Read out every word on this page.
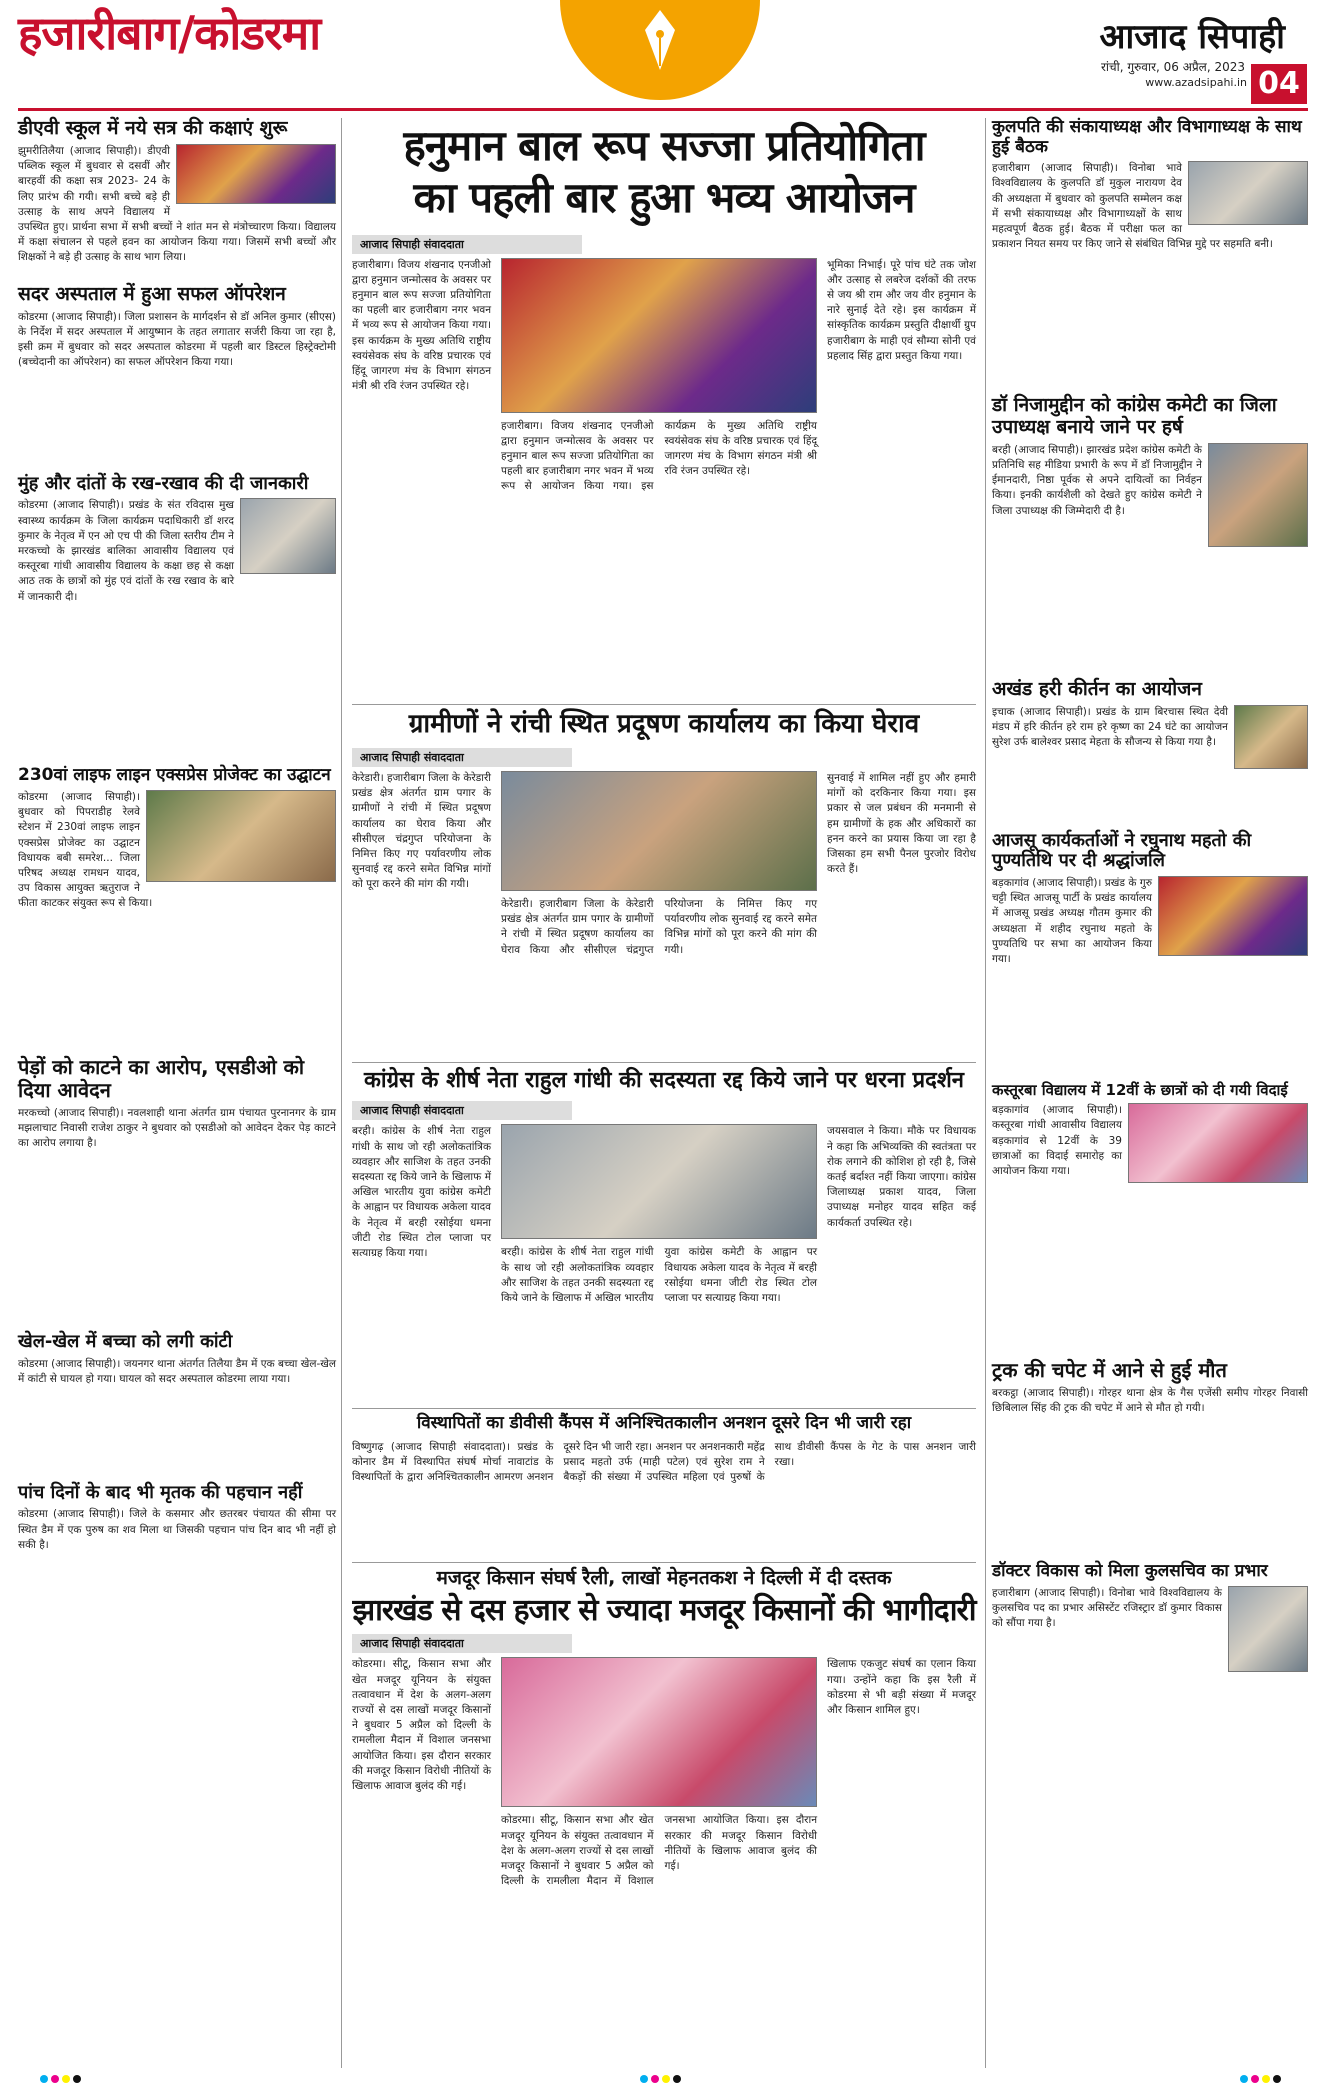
हजारीबाग/कोडरमा	आजाद सिपाही
रांची, गुरुवार, 06 अप्रैल, 2023
www.azadsipahi.in 04
डीएवी स्कूल में नये सत्र की कक्षाएं शुरू
झुमरीतिलैया (आजाद सिपाही)। डीएवी पब्लिक स्कूल में बुधवार से दसवीं और बारहवीं की कक्षा सत्र 2023- 24 के लिए प्रारंभ की गयी। सभी बच्चे बड़े ही उत्साह के साथ अपने विद्यालय में उपस्थित हुए। प्रार्थना सभा में सभी बच्चों ने शांत मन से मंत्रोच्चारण किया। विद्यालय में कक्षा संचालन से पहले हवन का आयोजन किया गया। जिसमें सभी बच्चों और शिक्षकों ने बड़े ही उत्साह के साथ भाग लिया।
सदर अस्पताल में हुआ सफल ऑपरेशन
कोडरमा (आजाद सिपाही)। जिला प्रशासन के मार्गदर्शन से डॉ अनिल कुमार (सीएस) के निर्देश में सदर अस्पताल में आयुष्मान के तहत लगातार सर्जरी किया जा रहा है, इसी क्रम में बुधवार को सदर अस्पताल कोडरमा में पहली बार डिस्टल हिस्ट्रेक्टोमी (बच्चेदानी का ऑपरेशन) का सफल ऑपरेशन किया गया।
मुंह और दांतों के रख-रखाव की दी जानकारी
कोडरमा (आजाद सिपाही)। प्रखंड के संत रविदास मुख स्वास्थ्य कार्यक्रम के जिला कार्यक्रम पदाधिकारी डॉ शरद कुमार के नेतृत्व में एन ओ एच पी की जिला स्तरीय टीम ने मरकच्चो के झारखंड बालिका आवासीय विद्यालय एवं कस्तूरबा गांधी आवासीय विद्यालय के कक्षा छह से कक्षा आठ तक के छात्रों को मुंह एवं दांतों के रख रखाव के बारे में जानकारी दी।
230वां लाइफ लाइन एक्सप्रेस प्रोजेक्ट का उद्घाटन
कोडरमा (आजाद सिपाही)। बुधवार को पिपराडीह रेलवे स्टेशन में 230वां लाइफ लाइन एक्सप्रेस प्रोजेक्ट का उद्घाटन विधायक बबी समरेश... जिला परिषद अध्यक्ष रामधन यादव, उप विकास आयुक्त ऋतुराज ने फीता काटकर संयुक्त रूप से किया।
पेड़ों को काटने का आरोप, एसडीओ को दिया आवेदन
मरकच्चो (आजाद सिपाही)। नवलशाही थाना अंतर्गत ग्राम पंचायत पुरनानगर के ग्राम मझलाचाट निवासी राजेश ठाकुर ने बुधवार को एसडीओ को आवेदन देकर पेड़ काटने का आरोप लगाया है।
खेल-खेल में बच्चा को लगी कांटी
कोडरमा (आजाद सिपाही)। जयनगर थाना अंतर्गत तिलैया डैम में एक बच्चा खेल-खेल में कांटी से घायल हो गया। घायल को सदर अस्पताल कोडरमा लाया गया।
पांच दिनों के बाद भी मृतक की पहचान नहीं
कोडरमा (आजाद सिपाही)। जिले के कसमार और छतरबर पंचायत की सीमा पर स्थित डैम में एक पुरुष का शव मिला था जिसकी पहचान पांच दिन बाद भी नहीं हो सकी है।
हनुमान बाल रूप सज्जा प्रतियोगिता
का पहली बार हुआ भव्य आयोजन
आजाद सिपाही संवाददाता
हजारीबाग। विजय शंखनाद एनजीओ द्वारा हनुमान जन्मोत्सव के अवसर पर हनुमान बाल रूप सज्जा प्रतियोगिता का पहली बार हजारीबाग नगर भवन में भव्य रूप से आयोजन किया गया। इस कार्यक्रम के मुख्य अतिथि राष्ट्रीय स्वयंसेवक संघ के वरिष्ठ प्रचारक एवं हिंदू जागरण मंच के विभाग संगठन मंत्री श्री रवि रंजन उपस्थित रहे।
हजारीबाग। विजय शंखनाद एनजीओ द्वारा हनुमान जन्मोत्सव के अवसर पर हनुमान बाल रूप सज्जा प्रतियोगिता का पहली बार हजारीबाग नगर भवन में भव्य रूप से आयोजन किया गया। इस कार्यक्रम के मुख्य अतिथि राष्ट्रीय स्वयंसेवक संघ के वरिष्ठ प्रचारक एवं हिंदू जागरण मंच के विभाग संगठन मंत्री श्री रवि रंजन उपस्थित रहे।
भूमिका निभाई। पूरे पांच घंटे तक जोश और उत्साह से लबरेज दर्शकों की तरफ से जय श्री राम और जय वीर हनुमान के नारे सुनाई देते रहे। इस कार्यक्रम में सांस्कृतिक कार्यक्रम प्रस्तुति दीक्षार्थी ग्रुप हजारीबाग के माही एवं सौम्या सोनी एवं प्रहलाद सिंह द्वारा प्रस्तुत किया गया।
ग्रामीणों ने रांची स्थित प्रदूषण कार्यालय का किया घेराव
आजाद सिपाही संवाददाता
केरेडारी। हजारीबाग जिला के केरेडारी प्रखंड क्षेत्र अंतर्गत ग्राम पगार के ग्रामीणों ने रांची में स्थित प्रदूषण कार्यालय का घेराव किया और सीसीएल चंद्रगुप्त परियोजना के निमित्त किए गए पर्यावरणीय लोक सुनवाई रद्द करने समेत विभिन्न मांगों को पूरा करने की मांग की गयी।
केरेडारी। हजारीबाग जिला के केरेडारी प्रखंड क्षेत्र अंतर्गत ग्राम पगार के ग्रामीणों ने रांची में स्थित प्रदूषण कार्यालय का घेराव किया और सीसीएल चंद्रगुप्त परियोजना के निमित्त किए गए पर्यावरणीय लोक सुनवाई रद्द करने समेत विभिन्न मांगों को पूरा करने की मांग की गयी।
सुनवाई में शामिल नहीं हुए और हमारी मांगों को दरकिनार किया गया। इस प्रकार से जल प्रबंधन की मनमानी से हम ग्रामीणों के हक और अधिकारों का हनन करने का प्रयास किया जा रहा है जिसका हम सभी पैनल पुरजोर विरोध करते हैं।
कांग्रेस के शीर्ष नेता राहुल गांधी की सदस्यता रद्द किये जाने पर धरना प्रदर्शन
आजाद सिपाही संवाददाता
बरही। कांग्रेस के शीर्ष नेता राहुल गांधी के साथ जो रही अलोकतांत्रिक व्यवहार और साजिश के तहत उनकी सदस्यता रद्द किये जाने के खिलाफ में अखिल भारतीय युवा कांग्रेस कमेटी के आह्वान पर विधायक अकेला यादव के नेतृत्व में बरही रसोईया धमना जीटी रोड स्थित टोल प्लाजा पर सत्याग्रह किया गया।	बरही। कांग्रेस के शीर्ष नेता राहुल गांधी के साथ जो रही अलोकतांत्रिक व्यवहार और साजिश के तहत उनकी सदस्यता रद्द किये जाने के खिलाफ में अखिल भारतीय युवा कांग्रेस कमेटी के आह्वान पर विधायक अकेला यादव के नेतृत्व में बरही रसोईया धमना जीटी रोड स्थित टोल प्लाजा पर सत्याग्रह किया गया।
जयसवाल ने किया। मौके पर विधायक ने कहा कि अभिव्यक्ति की स्वतंत्रता पर रोक लगाने की कोशिश हो रही है, जिसे कतई बर्दाश्त नहीं किया जाएगा। कांग्रेस जिलाध्यक्ष प्रकाश यादव, जिला उपाध्यक्ष मनोहर यादव सहित कई कार्यकर्ता उपस्थित रहे।
विस्थापितों का डीवीसी कैंपस में अनिश्चितकालीन अनशन दूसरे दिन भी जारी रहा
विष्णुगढ़ (आजाद सिपाही संवाददाता)। प्रखंड के कोनार डैम में विस्थापित संघर्ष मोर्चा नावाटांड के विस्थापितों के द्वारा अनिश्चितकालीन आमरण अनशन दूसरे दिन भी जारी रहा। अनशन पर अनशनकारी महेंद्र प्रसाद महतो उर्फ (माही पटेल) एवं सुरेश राम ने बैकड़ों की संख्या में उपस्थित महिला एवं पुरुषों के साथ डीवीसी कैंपस के गेट के पास अनशन जारी रखा।
मजदूर किसान संघर्ष रैली, लाखों मेहनतकश ने दिल्ली में दी दस्तक
झारखंड से दस हजार से ज्यादा मजदूर किसानों की भागीदारी
आजाद सिपाही संवाददाता
कोडरमा। सीटू, किसान सभा और खेत मजदूर यूनियन के संयुक्त तत्वावधान में देश के अलग-अलग राज्यों से दस लाखों मजदूर किसानों ने बुधवार 5 अप्रैल को दिल्ली के रामलीला मैदान में विशाल जनसभा आयोजित किया। इस दौरान सरकार की मजदूर किसान विरोधी नीतियों के खिलाफ आवाज बुलंद की गई।
कोडरमा। सीटू, किसान सभा और खेत मजदूर यूनियन के संयुक्त तत्वावधान में देश के अलग-अलग राज्यों से दस लाखों मजदूर किसानों ने बुधवार 5 अप्रैल को दिल्ली के रामलीला मैदान में विशाल जनसभा आयोजित किया। इस दौरान सरकार की मजदूर किसान विरोधी नीतियों के खिलाफ आवाज बुलंद की गई।
खिलाफ एकजुट संघर्ष का एलान किया गया। उन्होंने कहा कि इस रैली में कोडरमा से भी बड़ी संख्या में मजदूर और किसान शामिल हुए।
कुलपति की संकायाध्यक्ष और विभागाध्यक्ष के साथ हुई बैठक
हजारीबाग (आजाद सिपाही)। विनोबा भावे विश्वविद्यालय के कुलपति डॉ मुकुल नारायण देव की अध्यक्षता में बुधवार को कुलपति सम्मेलन कक्ष में सभी संकायाध्यक्ष और विभागाध्यक्षों के साथ महत्वपूर्ण बैठक हुई। बैठक में परीक्षा फल का प्रकाशन नियत समय पर किए जाने से संबंधित विभिन्न मुद्दे पर सहमति बनी।
डॉ निजामुद्दीन को कांग्रेस कमेटी का जिला उपाध्यक्ष बनाये जाने पर हर्ष
बरही (आजाद सिपाही)। झारखंड प्रदेश कांग्रेस कमेटी के प्रतिनिधि सह मीडिया प्रभारी के रूप में डॉ निजामुद्दीन ने ईमानदारी, निष्ठा पूर्वक से अपने दायित्वों का निर्वहन किया। इनकी कार्यशैली को देखते हुए कांग्रेस कमेटी ने जिला उपाध्यक्ष की जिम्मेदारी दी है।
अखंड हरी कीर्तन का आयोजन
इचाक (आजाद सिपाही)। प्रखंड के ग्राम बिरचास स्थित देवी मंडप में हरि कीर्तन हरे राम हरे कृष्ण का 24 घंटे का आयोजन सुरेश उर्फ बालेश्वर प्रसाद मेहता के सौजन्य से किया गया है।
आजसू कार्यकर्ताओं ने रघुनाथ महतो की पुण्यतिथि पर दी श्रद्धांजलि
बड़कागांव (आजाद सिपाही)। प्रखंड के गुरु चट्टी स्थित आजसू पार्टी के प्रखंड कार्यालय में आजसू प्रखंड अध्यक्ष गौतम कुमार की अध्यक्षता में शहीद रघुनाथ महतो के पुण्यतिथि पर सभा का आयोजन किया गया।
कस्तूरबा विद्यालय में 12वीं के छात्रों को दी गयी विदाई
बड़कागांव (आजाद सिपाही)। कस्तूरबा गांधी आवासीय विद्यालय बड़कागांव से 12वीं के 39 छात्राओं का विदाई समारोह का आयोजन किया गया।
ट्रक की चपेट में आने से हुई मौत
बरकट्ठा (आजाद सिपाही)। गोरहर थाना क्षेत्र के गैस एजेंसी समीप गोरहर निवासी छिबिलाल सिंह की ट्रक की चपेट में आने से मौत हो गयी।
डॉक्टर विकास को मिला कुलसचिव का प्रभार
हजारीबाग (आजाद सिपाही)। विनोबा भावे विश्वविद्यालय के कुलसचिव पद का प्रभार असिस्टेंट रजिस्ट्रार डॉ कुमार विकास को सौंपा गया है।
